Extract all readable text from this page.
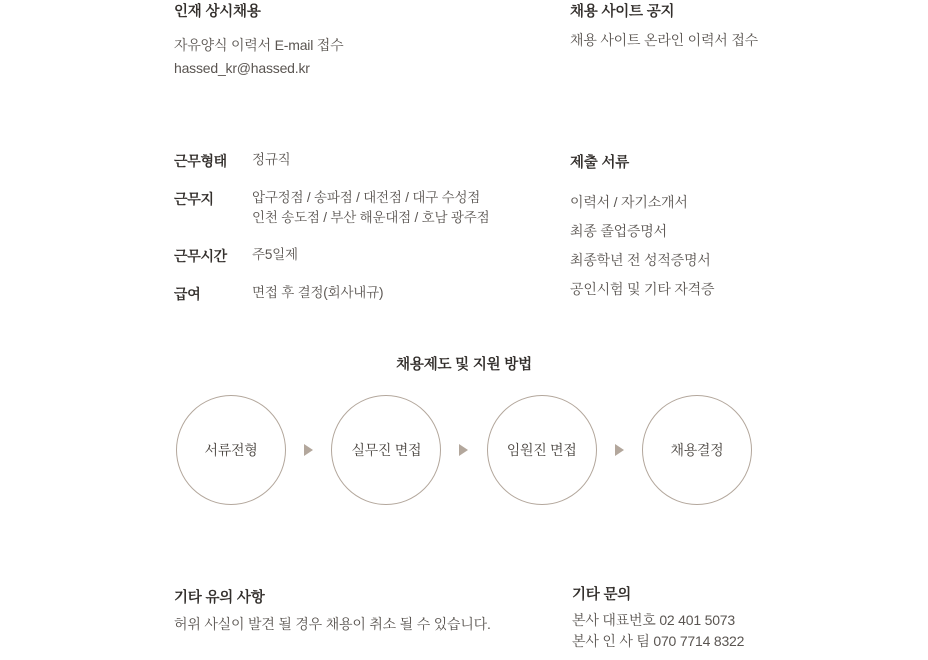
인재 상시채용
자유양식 이력서 E-mail 접수
hassed_kr@hassed.kr
채용 사이트 공지
채용 사이트 온라인 이력서 접수
근무형태	정규직
근무지	압구정점 / 송파점 / 대전점 / 대구 수성점
인천 송도점 / 부산 해운대점 / 호남 광주점
근무시간	주5일제
급여	면접 후 결정(회사내규)
제출 서류
이력서 / 자기소개서
최종 졸업증명서
최종학년 전 성적증명서
공인시험 및 기타 자격증
채용제도 및 지원 방법
서류전형	실무진 면접	임원진 면접	채용결정
기타 유의 사항
허위 사실이 발견 될 경우 채용이 취소 될 수 있습니다.
기타 문의
본사 대표번호 02 401 5073
본사 인 사 팀 070 7714 8322
